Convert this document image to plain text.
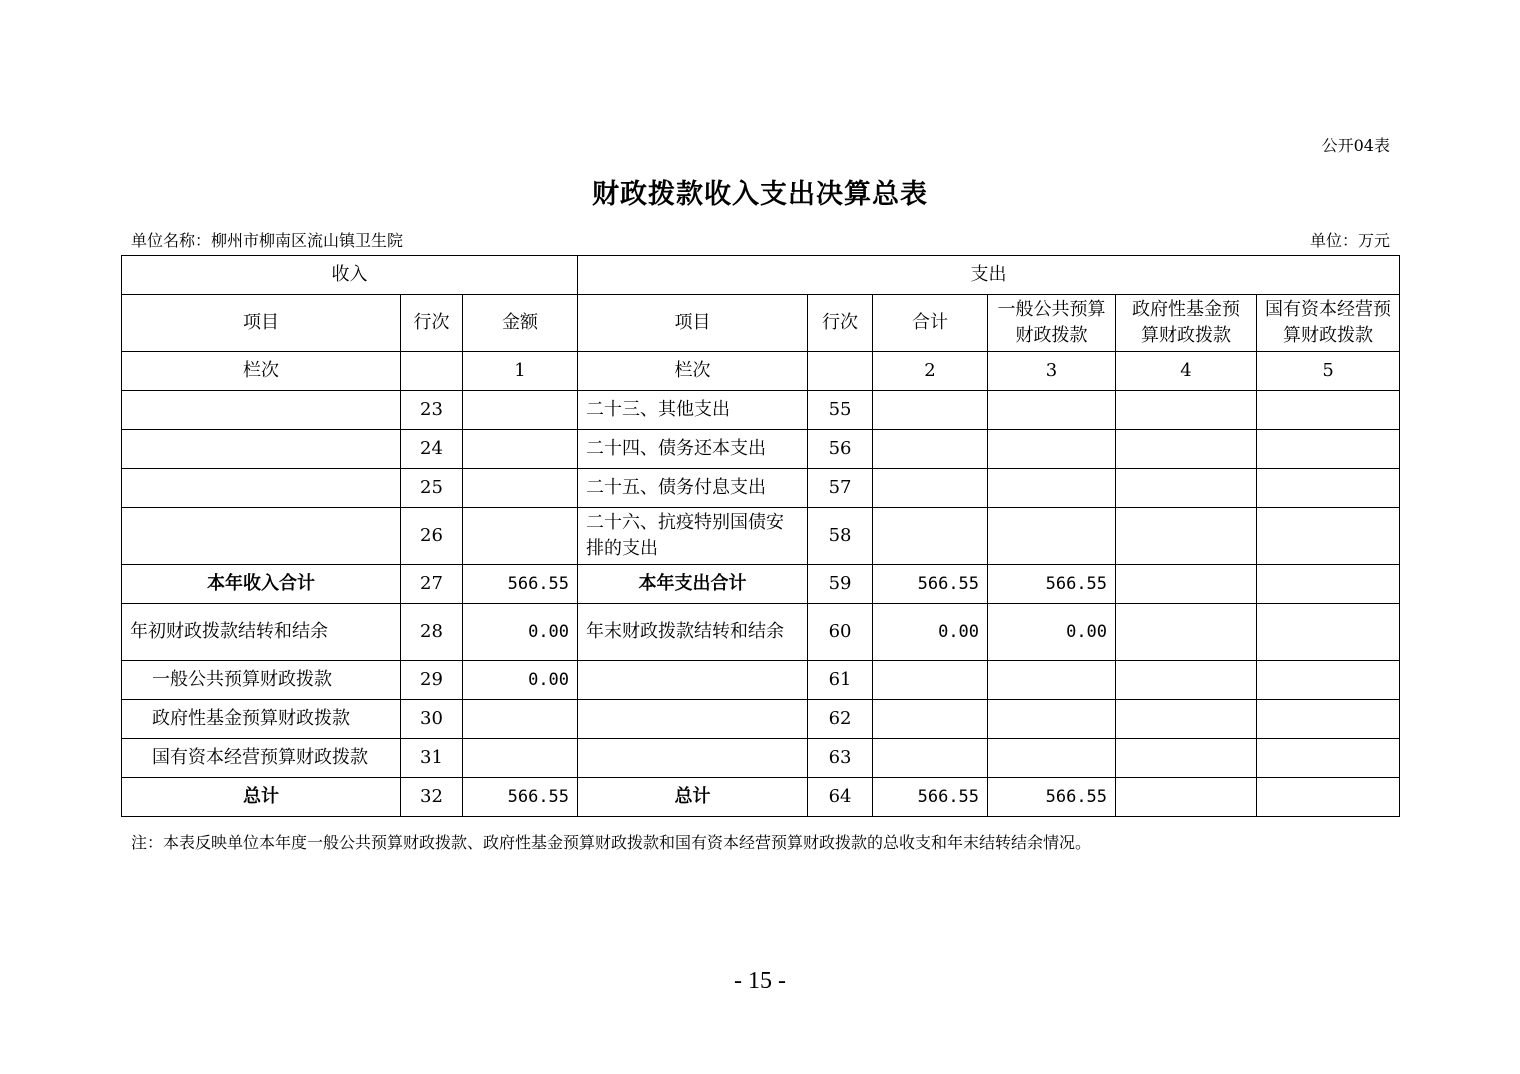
公开04表
财政拨款收入支出决算总表
单位名称：柳州市柳南区流山镇卫生院	单位：万元
收入			支出					
项目	行次	金额	项目	行次	合计	一般公共预算财政拨款	政府性基金预算财政拨款	国有资本经营预算财政拨款
栏次		1	栏次		2	3	4	5
	23		二十三、其他支出	55				
	24		二十四、债务还本支出	56				
	25		二十五、债务付息支出	57				
	26		二十六、抗疫特别国债安排的支出	58				
本年收入合计	27	566.55	本年支出合计	59	566.55	566.55		
年初财政拨款结转和结余	28	0.00	年末财政拨款结转和结余	60	0.00	0.00		
一般公共预算财政拨款	29	0.00		61				
政府性基金预算财政拨款	30			62				
国有资本经营预算财政拨款	31			63				
总计	32	566.55	总计	64	566.55	566.55		
注：本表反映单位本年度一般公共预算财政拨款、政府性基金预算财政拨款和国有资本经营预算财政拨款的总收支和年末结转结余情况。
- 15 -
